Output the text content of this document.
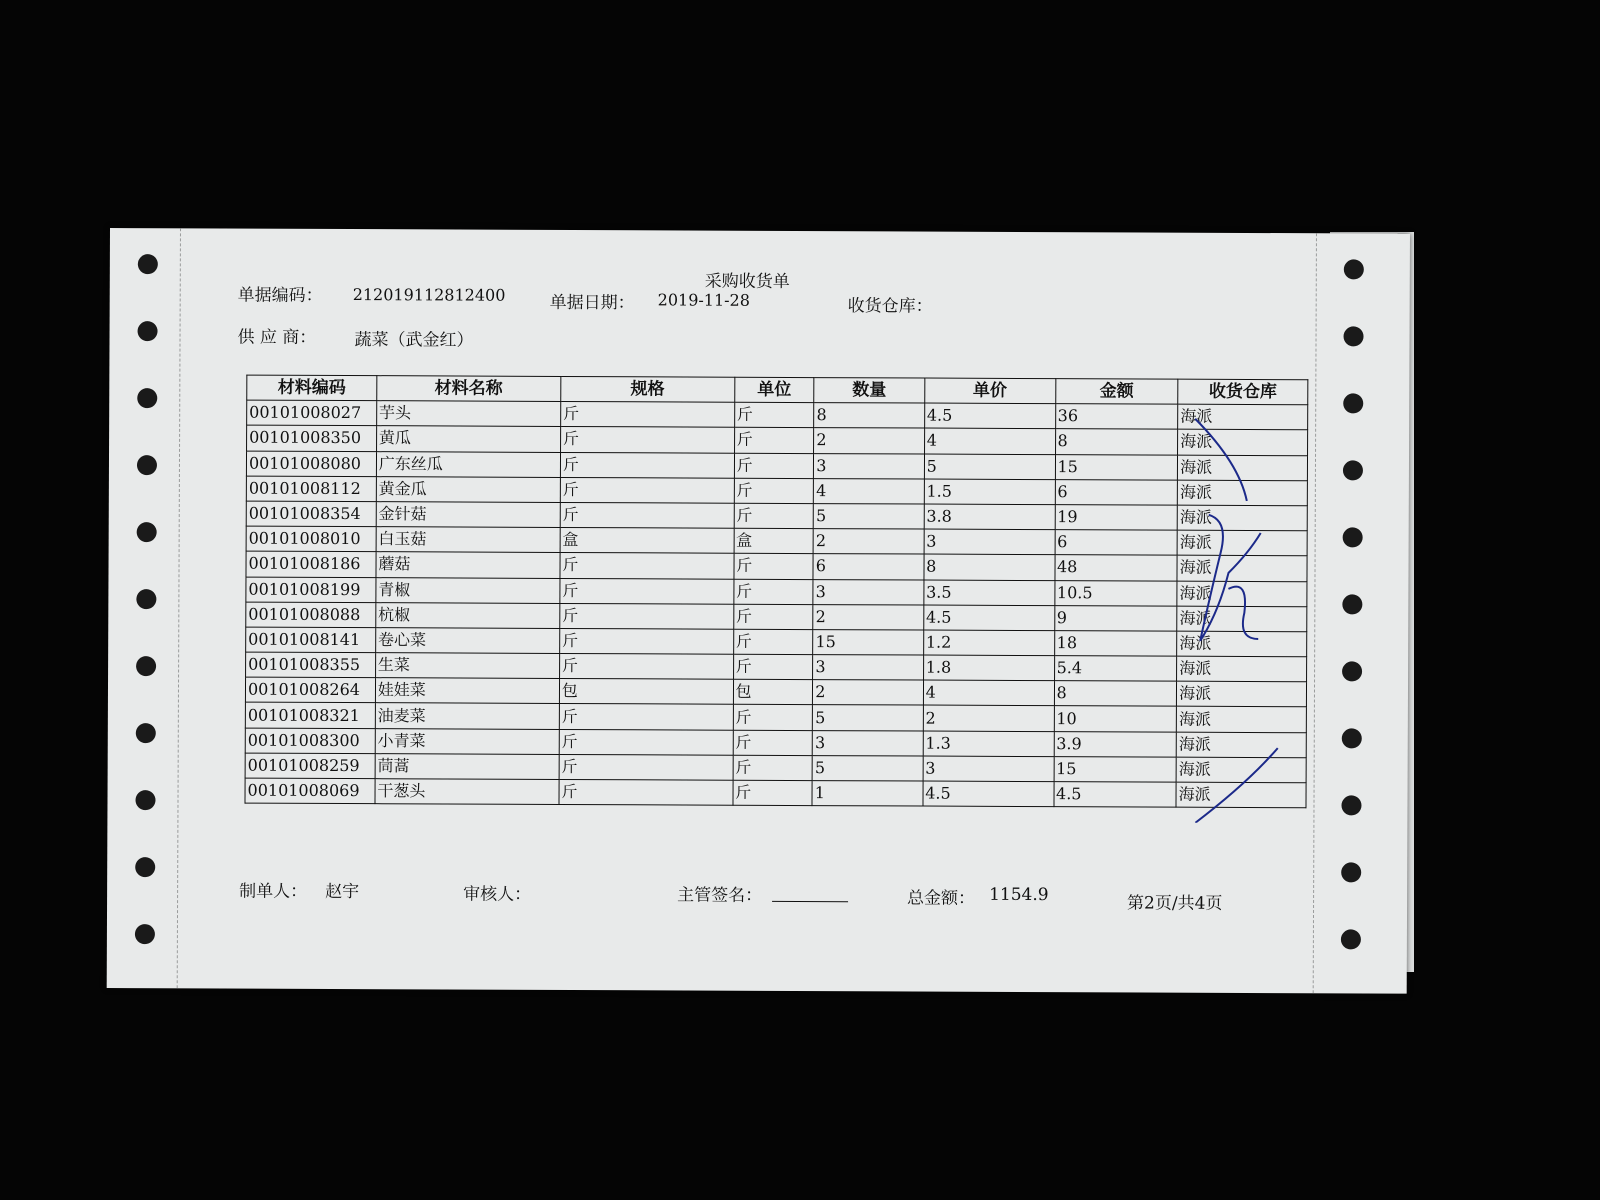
采购收货单
单据编码： 212019112812400	单据日期： 2019-11-28	收货仓库：
供 应 商： 蔬菜（武金红）
材料编码	材料名称	规格	单位	数量	单价	金额	收货仓库
00101008027	芋头	斤	斤	8	4.5	36	海派
00101008350	黄瓜	斤	斤	2	4	8	海派
00101008080	广东丝瓜	斤	斤	3	5	15	海派
00101008112	黄金瓜	斤	斤	4	1.5	6	海派
00101008354	金针菇	斤	斤	5	3.8	19	海派
00101008010	白玉菇	盒	盒	2	3	6	海派
00101008186	蘑菇	斤	斤	6	8	48	海派
00101008199	青椒	斤	斤	3	3.5	10.5	海派
00101008088	杭椒	斤	斤	2	4.5	9	海派
00101008141	卷心菜	斤	斤	15	1.2	18	海派
00101008355	生菜	斤	斤	3	1.8	5.4	海派
00101008264	娃娃菜	包	包	2	4	8	海派
00101008321	油麦菜	斤	斤	5	2	10	海派
00101008300	小青菜	斤	斤	3	1.3	3.9	海派
00101008259	茼蒿	斤	斤	5	3	15	海派
00101008069	干葱头	斤	斤	1	4.5	4.5	海派
制单人： 赵宇	审核人：	主管签名：	总金额： 1154.9	第2页/共4页
